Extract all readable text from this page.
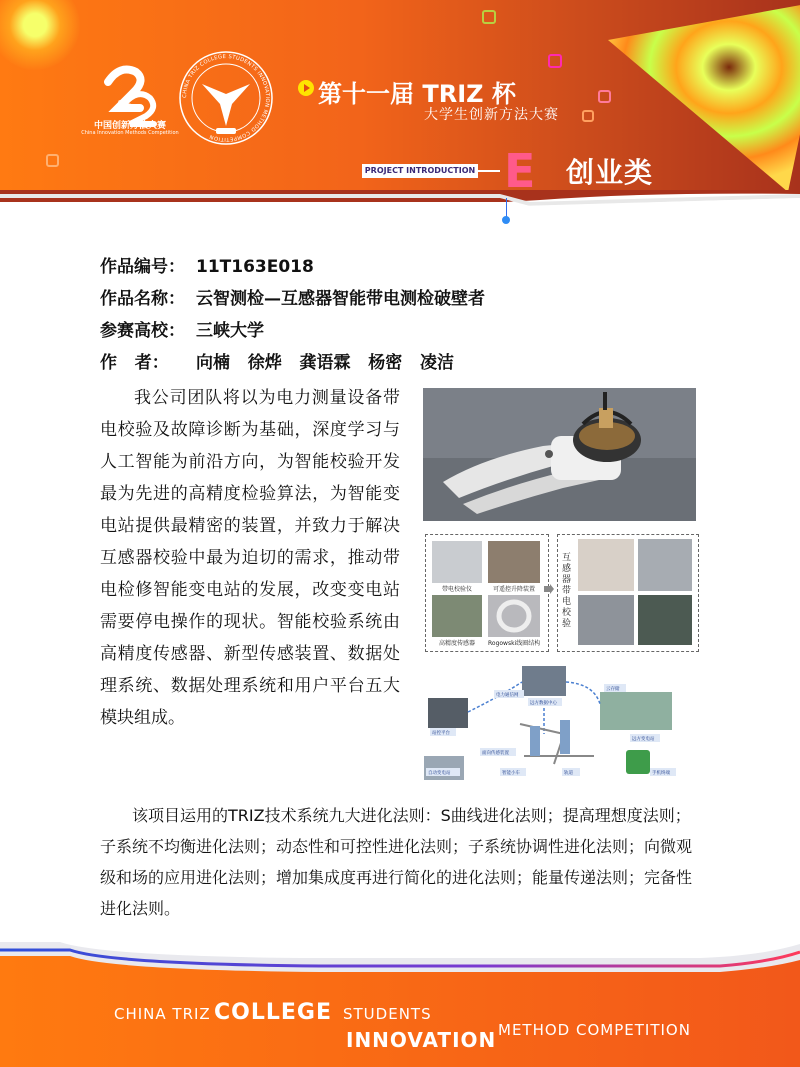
CIMC
中国创新方法大赛
China Innovation Methods Competition
CHINA TRIZ COLLEGE STUDENTS INNOVATION METHOD COMPETITION
第十一届 TRIZ 杯
大学生创新方法大赛
PROJECT INTRODUCTION E 创业类
作品编号： 11T163E018
作品名称： 云智测检—互感器智能带电测检破壁者
参赛高校： 三峡大学
作   者： 向楠   徐烨   龚语霖   杨密   凌洁
我公司团队将以为电力测量设备带电校验及故障诊断为基础，深度学习与人工智能为前沿方向，为智能校验开发最为先进的高精度检验算法，为智能变电站提供最精密的装置，并致力于解决互感器校验中最为迫切的需求，推动带电检修智能变电站的发展，改变变电站需要停电操作的现状。智能校验系统由高精度传感器、新型传感装置、数据处理系统、数据处理系统和用户平台五大模块组成。
带电校验仪	可遥控升降装置
高精度传感器	Rogowski线圈结构
互感器带电校验
电力通信网
云存储
远方数据中心
站控平台
远方变电站
面向传感装置
自动变电站	智能小车	轨道	手机终端
该项目运用的TRIZ技术系统九大进化法则：S曲线进化法则；提高理想度法则；子系统不均衡进化法则；动态性和可控性进化法则；子系统协调性进化法则；向微观级和场的应用进化法则；增加集成度再进行简化的进化法则；能量传递法则；完备性进化法则。
CHINA TRIZ COLLEGE STUDENTS
INNOVATION METHOD COMPETITION
